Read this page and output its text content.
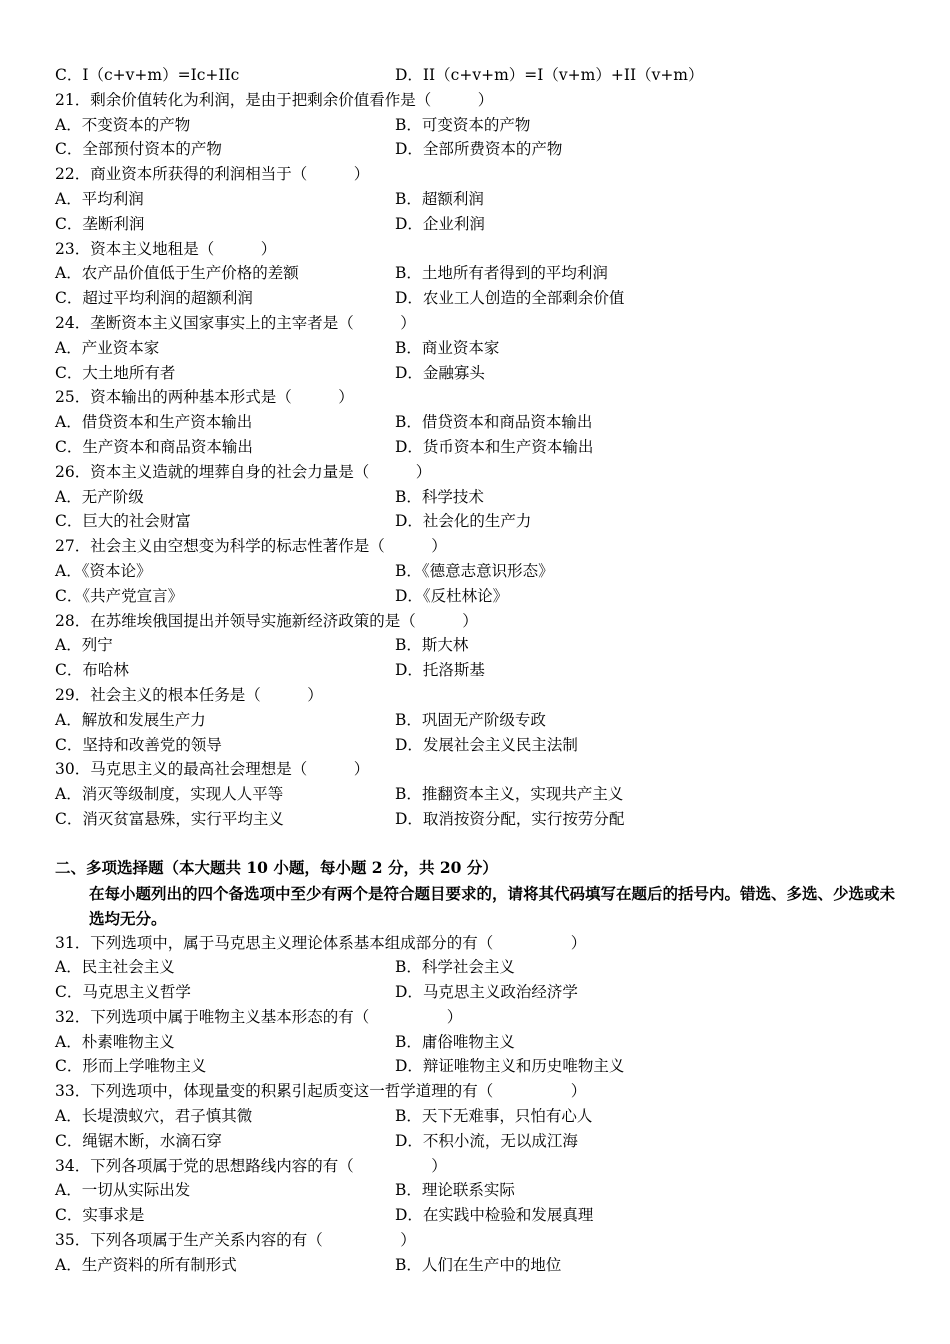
C．I（c+v+m）=Ic+IIc	D．II（c+v+m）=I（v+m）+II（v+m）
21．剩余价值转化为利润，是由于把剩余价值看作是（　　　）
A．不变资本的产物	B．可变资本的产物
C．全部预付资本的产物	D．全部所费资本的产物
22．商业资本所获得的利润相当于（　　　）
A．平均利润	B．超额利润
C．垄断利润	D．企业利润
23．资本主义地租是（　　　）
A．农产品价值低于生产价格的差额	B．土地所有者得到的平均利润
C．超过平均利润的超额利润	D．农业工人创造的全部剩余价值
24．垄断资本主义国家事实上的主宰者是（　　　）
A．产业资本家	B．商业资本家
C．大土地所有者	D．金融寡头
25．资本输出的两种基本形式是（　　　）
A．借贷资本和生产资本输出	B．借贷资本和商品资本输出
C．生产资本和商品资本输出	D．货币资本和生产资本输出
26．资本主义造就的埋葬自身的社会力量是（　　　）
A．无产阶级	B．科学技术
C．巨大的社会财富	D．社会化的生产力
27．社会主义由空想变为科学的标志性著作是（　　　）
A．《资本论》	B．《德意志意识形态》
C．《共产党宣言》	D．《反杜林论》
28．在苏维埃俄国提出并领导实施新经济政策的是（　　　）
A．列宁	B．斯大林
C．布哈林	D．托洛斯基
29．社会主义的根本任务是（　　　）
A．解放和发展生产力	B．巩固无产阶级专政
C．坚持和改善党的领导	D．发展社会主义民主法制
30．马克思主义的最高社会理想是（　　　）
A．消灭等级制度，实现人人平等	B．推翻资本主义，实现共产主义
C．消灭贫富悬殊，实行平均主义	D．取消按资分配，实行按劳分配
二、多项选择题（本大题共 10 小题，每小题 2 分，共 20 分）
在每小题列出的四个备选项中至少有两个是符合题目要求的，请将其代码填写在题后的括号内。错选、多选、少选或未选均无分。
31．下列选项中，属于马克思主义理论体系基本组成部分的有（　　　　　）
A．民主社会主义	B．科学社会主义
C．马克思主义哲学	D．马克思主义政治经济学
32．下列选项中属于唯物主义基本形态的有（　　　　　）
A．朴素唯物主义	B．庸俗唯物主义
C．形而上学唯物主义	D．辩证唯物主义和历史唯物主义
33．下列选项中，体现量变的积累引起质变这一哲学道理的有（　　　　　）
A．长堤溃蚁穴，君子慎其微	B．天下无难事，只怕有心人
C．绳锯木断，水滴石穿	D．不积小流，无以成江海
34．下列各项属于党的思想路线内容的有（　　　　　）
A．一切从实际出发	B．理论联系实际
C．实事求是	D．在实践中检验和发展真理
35．下列各项属于生产关系内容的有（　　　　　）
A．生产资料的所有制形式	B．人们在生产中的地位
